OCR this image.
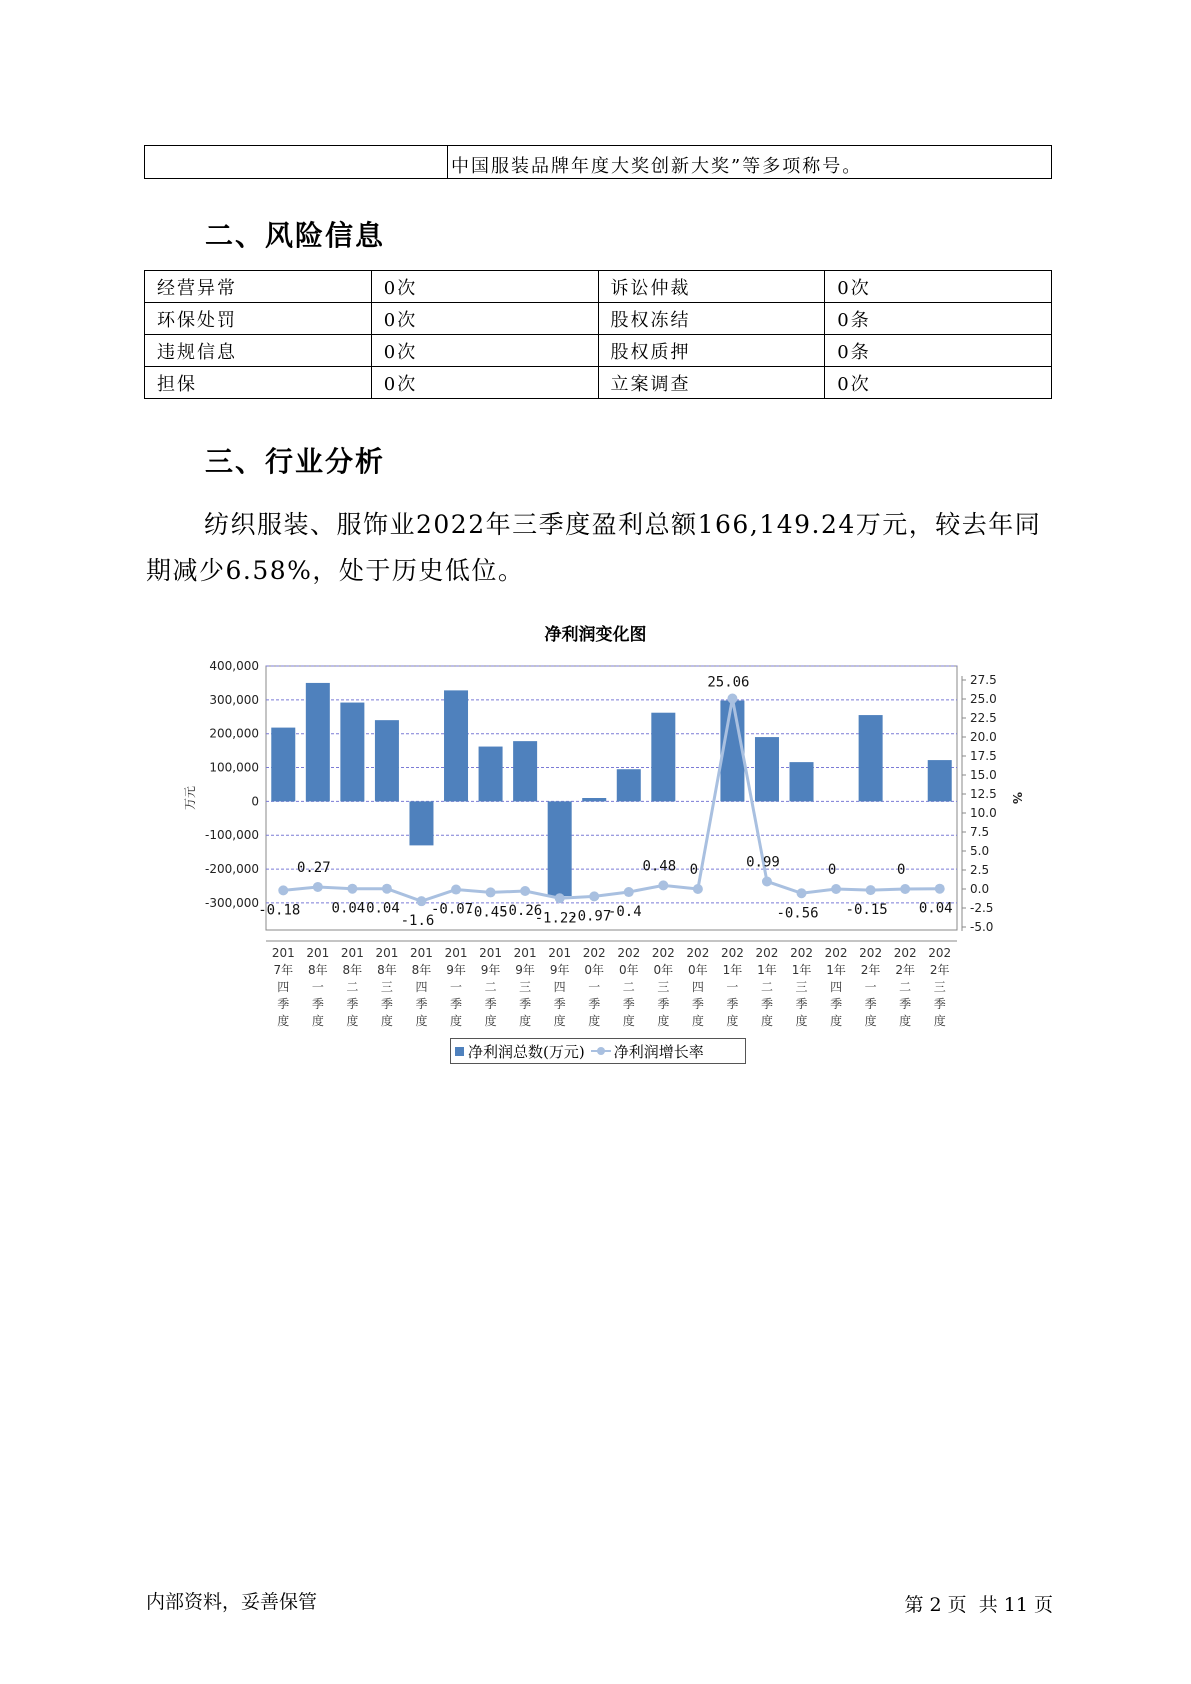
中国服装品牌年度大奖创新大奖”等多项称号。
二、风险信息
经营异常	0次	诉讼仲裁	0次
环保处罚	0次	股权冻结	0条
违规信息	0次	股权质押	0条
担保	0次	立案调查	0次
三、行业分析
纺织服装、服饰业2022年三季度盈利总额166,149.24万元，较去年同
期减少6.58%，处于历史低位。
净利润变化图
400,000
300,000
200,000
100,000
0
-100,000
-200,000
-300,000
万元
27.5
25.0
22.5
20.0
17.5
15.0
12.5
10.0
7.5
5.0
2.5
0.0
-2.5
-5.0
%
-0.18
0.27
0.04 0.04
-1.6
-0.07
-0.45
-0.26
-1.22
-0.97
-0.4
0.48 0
25.06
0.99
-0.56
0
-0.15
0
0.04
201
7年
四
季
度
201
8年
一
季
度
201
8年
二
季
度
201
8年
三
季
度
201
8年
四
季
度
201
9年
一
季
度
201
9年
二
季
度
201
9年
三
季
度
201
9年
四
季
度
202
0年
一
季
度
202
0年
二
季
度
202
0年
三
季
度
202
0年
四
季
度
202
1年
一
季
度
202
1年
二
季
度
202
1年
三
季
度
202
1年
四
季
度
202
2年
一
季
度
202
2年
二
季
度
202
2年
三
季
度
净利润总数(万元) 净利润增长率
内部资料，妥善保管	第 2 页  共 11 页
